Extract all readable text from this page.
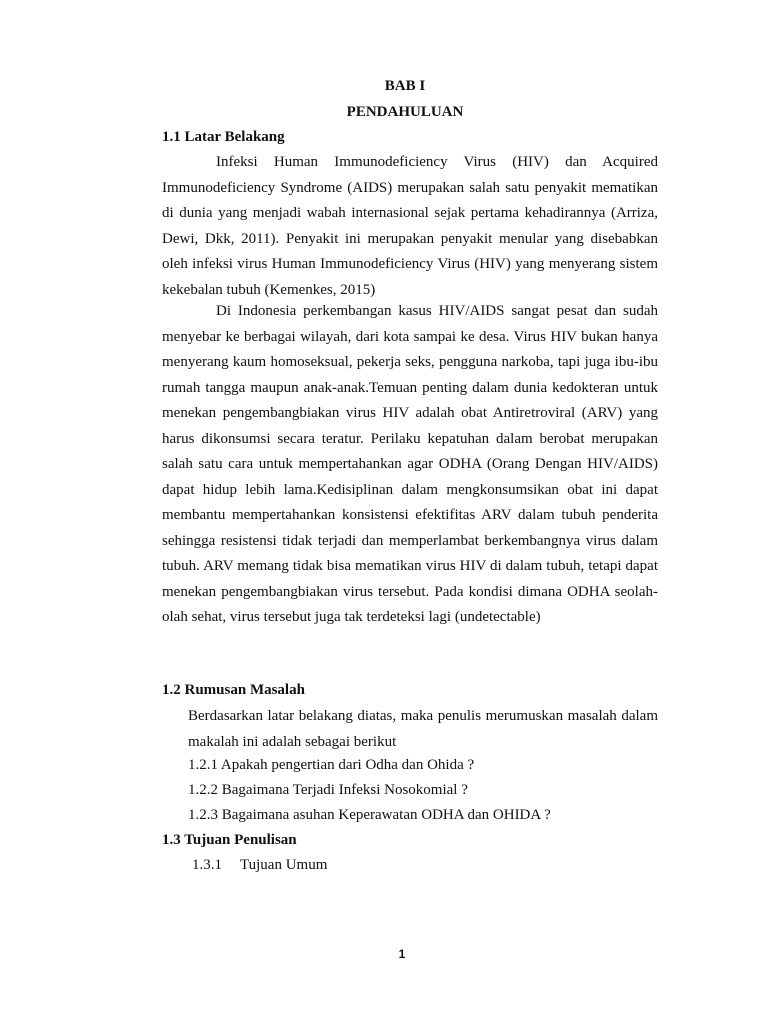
BAB I
PENDAHULUAN
1.1 Latar Belakang

Infeksi Human Immunodeficiency Virus (HIV) dan Acquired Immunodeficiency Syndrome (AIDS) merupakan salah satu penyakit mematikan di dunia yang menjadi wabah internasional sejak pertama kehadirannya (Arriza, Dewi, Dkk, 2011). Penyakit ini merupakan penyakit menular yang disebabkan oleh infeksi virus Human Immunodeficiency Virus (HIV) yang menyerang sistem kekebalan tubuh (Kemenkes, 2015)

Di Indonesia perkembangan kasus HIV/AIDS sangat pesat dan sudah menyebar ke berbagai wilayah, dari kota sampai ke desa. Virus HIV bukan hanya menyerang kaum homoseksual, pekerja seks, pengguna narkoba, tapi juga ibu-ibu rumah tangga maupun anak-anak.Temuan penting dalam dunia kedokteran untuk menekan pengembangbiakan virus HIV adalah obat Antiretroviral (ARV) yang harus dikonsumsi secara teratur. Perilaku kepatuhan dalam berobat merupakan salah satu cara untuk mempertahankan agar ODHA (Orang Dengan HIV/AIDS) dapat hidup lebih lama.Kedisiplinan dalam mengkonsumsikan obat ini dapat membantu mempertahankan konsistensi efektifitas ARV dalam tubuh penderita sehingga resistensi tidak terjadi dan memperlambat berkembangnya virus dalam tubuh. ARV memang tidak bisa mematikan virus HIV di dalam tubuh, tetapi dapat menekan pengembangbiakan virus tersebut. Pada kondisi dimana ODHA seolah-olah sehat, virus tersebut juga tak terdeteksi lagi (undetectable)

1.2 Rumusan Masalah

Berdasarkan latar belakang diatas, maka penulis merumuskan masalah dalam makalah ini adalah sebagai berikut

1.2.1 Apakah pengertian dari Odha dan Ohida ?
1.2.2 Bagaimana Terjadi Infeksi Nosokomial ?
1.2.3 Bagaimana asuhan Keperawatan ODHA dan OHIDA ?
1.3 Tujuan Penulisan
1.3.1 Tujuan Umum
1
